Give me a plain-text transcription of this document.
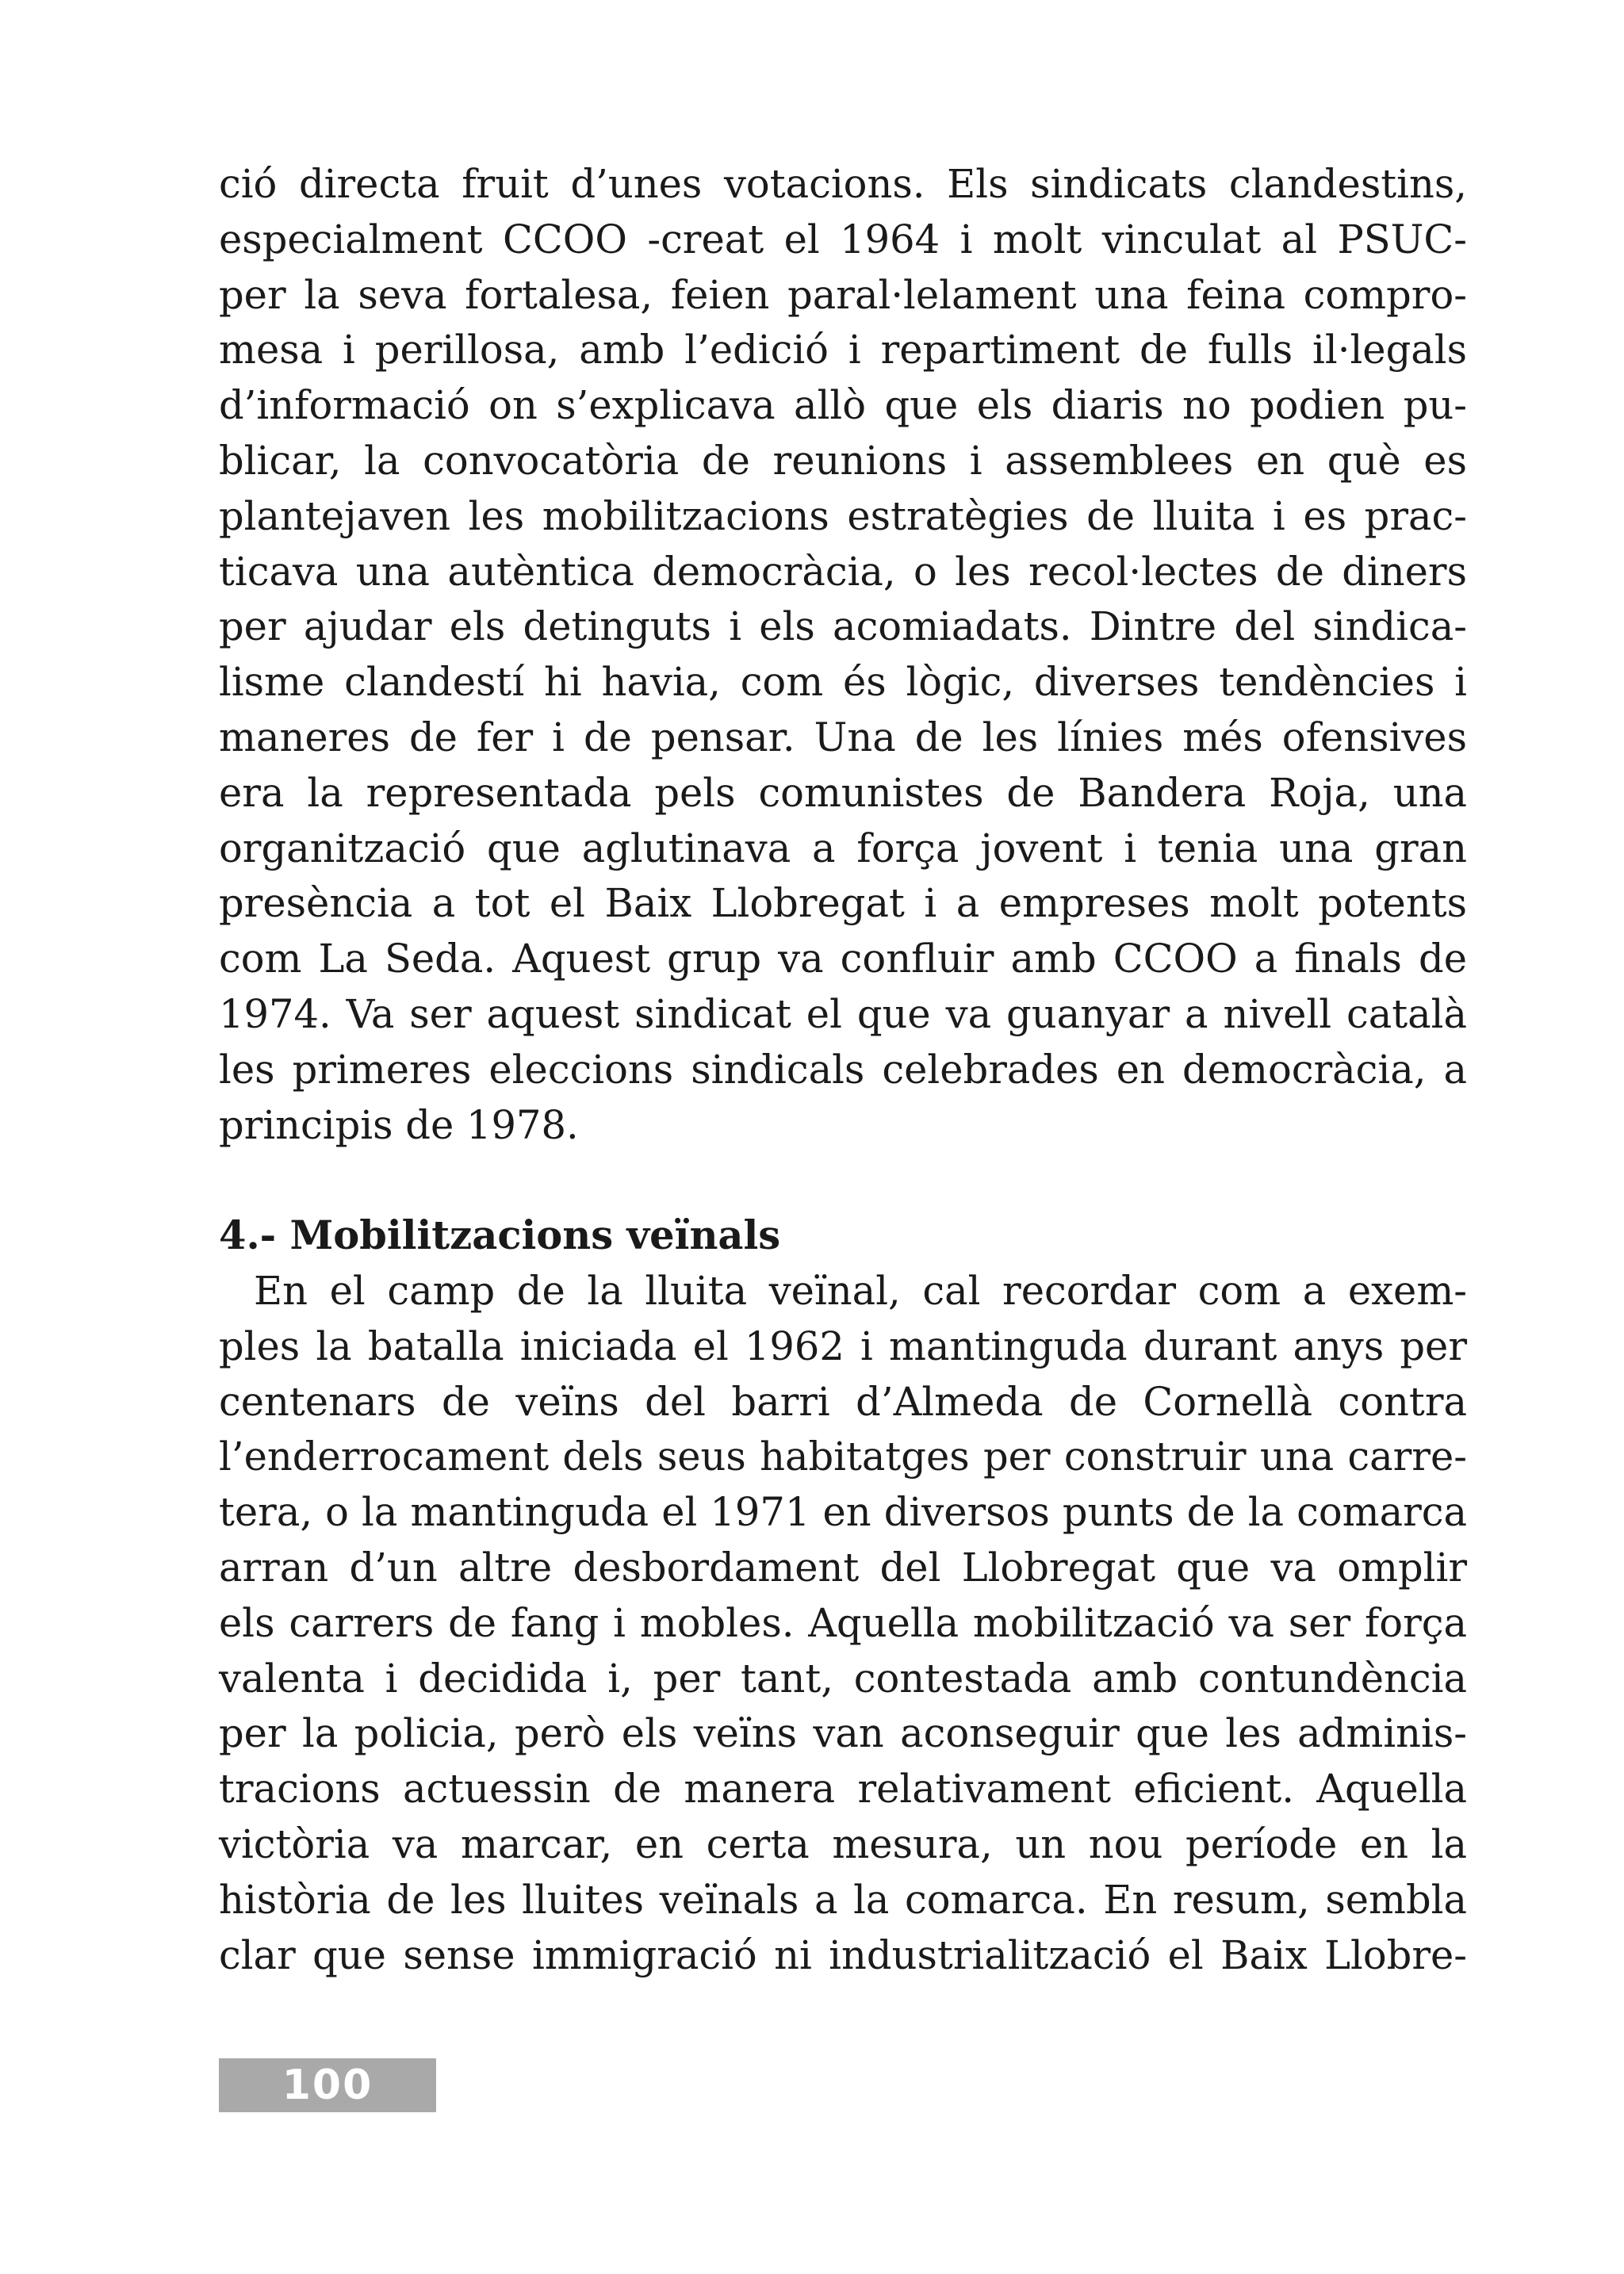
ció directa fruit d’unes votacions. Els sindicats clandestins,
especialment CCOO -creat el 1964 i molt vinculat al PSUC-
per la seva fortalesa, feien paral·lelament una feina compro-
mesa i perillosa, amb l’edició i repartiment de fulls il·legals
d’informació on s’explicava allò que els diaris no podien pu-
blicar, la convocatòria de reunions i assemblees en què es
plantejaven les mobilitzacions estratègies de lluita i es prac-
ticava una autèntica democràcia, o les recol·lectes de diners
per ajudar els detinguts i els acomiadats. Dintre del sindica-
lisme clandestí hi havia, com és lògic, diverses tendències i
maneres de fer i de pensar. Una de les línies més ofensives
era la representada pels comunistes de Bandera Roja, una
organització que aglutinava a força jovent i tenia una gran
presència a tot el Baix Llobregat i a empreses molt potents
com La Seda. Aquest grup va confluir amb CCOO a finals de
1974. Va ser aquest sindicat el que va guanyar a nivell català
les primeres eleccions sindicals celebrades en democràcia, a
principis de 1978.
4.- Mobilitzacions veïnals
En el camp de la lluita veïnal, cal recordar com a exem-
ples la batalla iniciada el 1962 i mantinguda durant anys per
centenars de veïns del barri d’Almeda de Cornellà contra
l’enderrocament dels seus habitatges per construir una carre-
tera, o la mantinguda el 1971 en diversos punts de la comarca
arran d’un altre desbordament del Llobregat que va omplir
els carrers de fang i mobles. Aquella mobilització va ser força
valenta i decidida i, per tant, contestada amb contundència
per la policia, però els veïns van aconseguir que les adminis-
tracions actuessin de manera relativament eficient. Aquella
victòria va marcar, en certa mesura, un nou període en la
història de les lluites veïnals a la comarca. En resum, sembla
clar que sense immigració ni industrialització el Baix Llobre-
100
